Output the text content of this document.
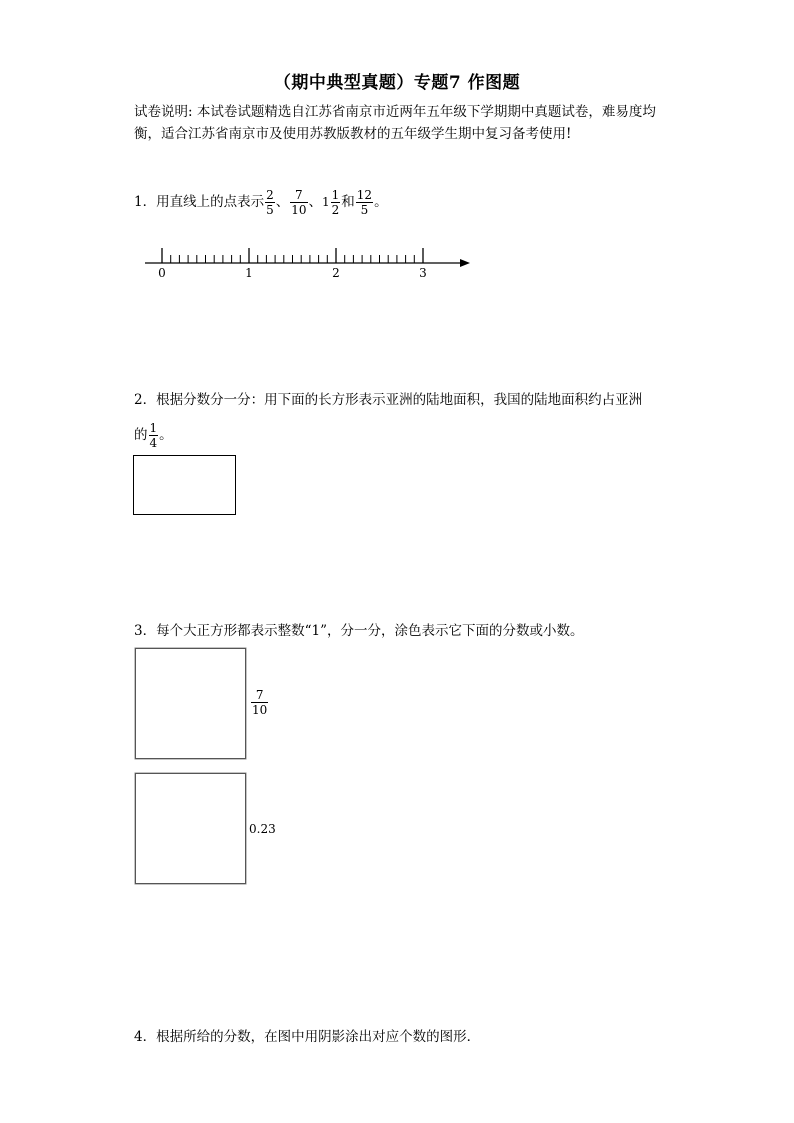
（期中典型真题）专题7 作图题
试卷说明: 本试卷试题精选自江苏省南京市近两年五年级下学期期中真题试卷，难易度均衡，适合江苏省南京市及使用苏教版教材的五年级学生期中复习备考使用!
1．用直线上的点表示 $\frac{2}{5}$ 、 $\frac{7}{10}$ 、$1 \frac{1}{2}$ 和 $\frac{12}{5}$ 。
0	1	2	3
2．根据分数分一分：用下面的长方形表示亚洲的陆地面积，我国的陆地面积约占亚洲
的 $\frac{1}{4}$ 。
3．每个大正方形都表示整数“1”，分一分，涂色表示它下面的分数或小数。
$\frac{7}{10}$
0.23
4．根据所给的分数，在图中用阴影涂出对应个数的图形．
